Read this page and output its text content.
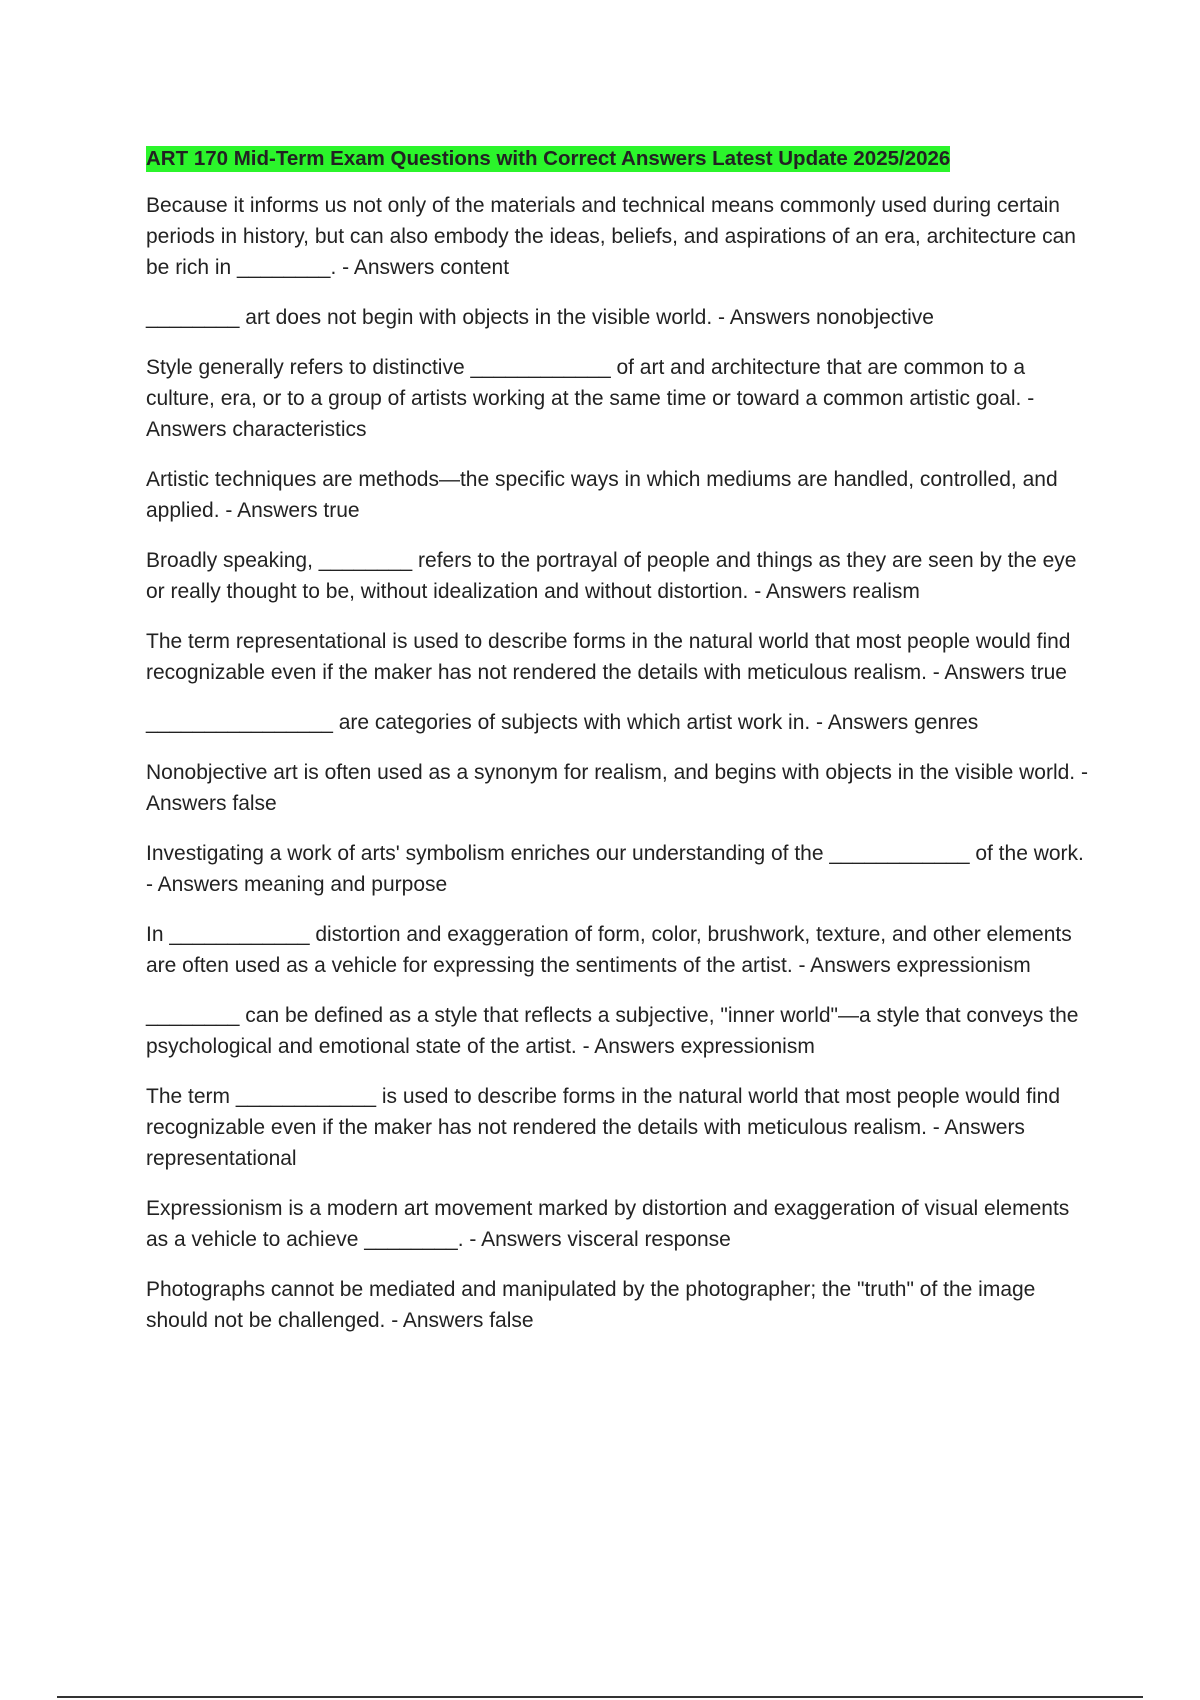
ART 170 Mid-Term Exam Questions with Correct Answers Latest Update 2025/2026

Because it informs us not only of the materials and technical means commonly used during certain periods in history, but can also embody the ideas, beliefs, and aspirations of an era, architecture can be rich in ________. - Answers content

________ art does not begin with objects in the visible world. - Answers nonobjective

Style generally refers to distinctive ____________ of art and architecture that are common to a culture, era, or to a group of artists working at the same time or toward a common artistic goal. - Answers characteristics

Artistic techniques are methods—the specific ways in which mediums are handled, controlled, and applied. - Answers true

Broadly speaking, ________ refers to the portrayal of people and things as they are seen by the eye or really thought to be, without idealization and without distortion. - Answers realism

The term representational is used to describe forms in the natural world that most people would find recognizable even if the maker has not rendered the details with meticulous realism. - Answers true

________________ are categories of subjects with which artist work in. - Answers genres

Nonobjective art is often used as a synonym for realism, and begins with objects in the visible world. - Answers false

Investigating a work of arts' symbolism enriches our understanding of the ____________ of the work. - Answers meaning and purpose

In ____________ distortion and exaggeration of form, color, brushwork, texture, and other elements are often used as a vehicle for expressing the sentiments of the artist. - Answers expressionism

________ can be defined as a style that reflects a subjective, "inner world"—a style that conveys the psychological and emotional state of the artist. - Answers expressionism

The term ____________ is used to describe forms in the natural world that most people would find recognizable even if the maker has not rendered the details with meticulous realism. - Answers representational

Expressionism is a modern art movement marked by distortion and exaggeration of visual elements as a vehicle to achieve ________. - Answers visceral response

Photographs cannot be mediated and manipulated by the photographer; the "truth" of the image should not be challenged. - Answers false
